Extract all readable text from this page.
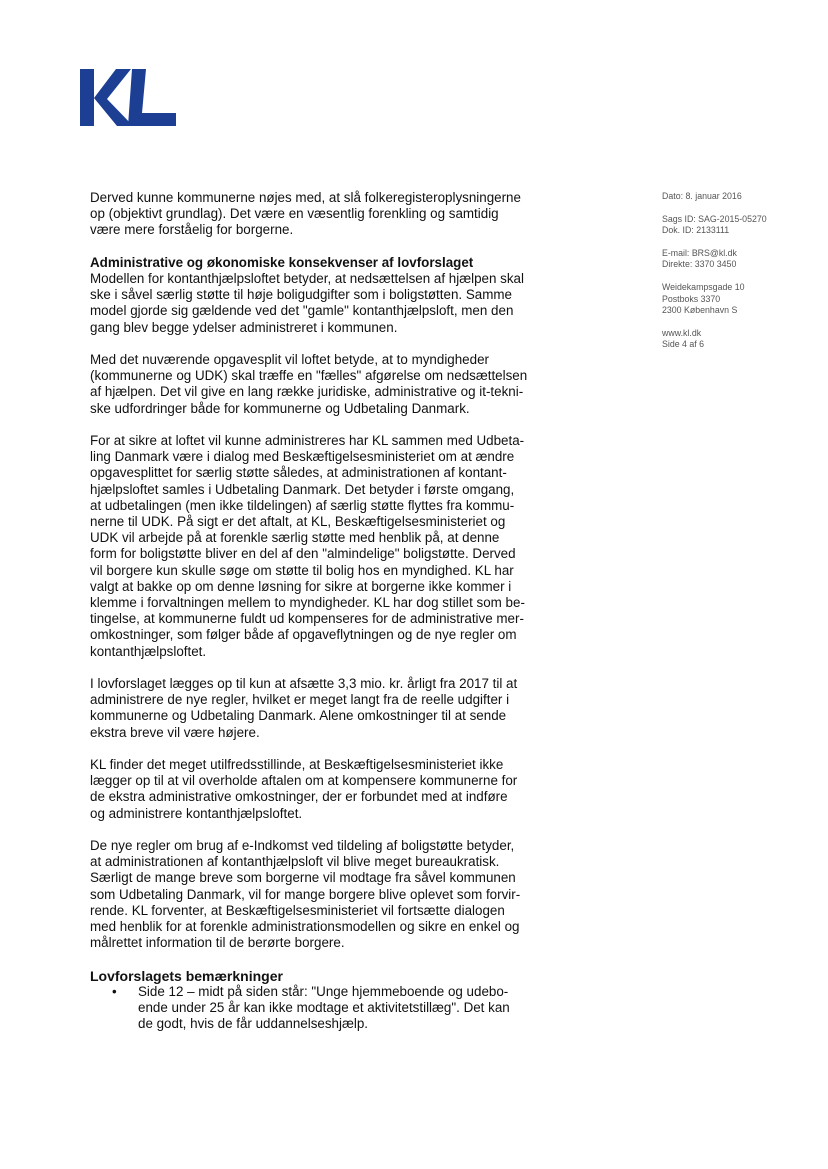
Dato: 8. januar 2016
Sags ID: SAG-2015-05270
Dok. ID: 2133111
E-mail: BRS@kl.dk
Direkte: 3370 3450
Weidekampsgade 10
Postboks 3370
2300 København S
www.kl.dk
Side 4 af 6

Derved kunne kommunerne nøjes med, at slå folkeregisteroplysningerne
op (objektivt grundlag). Det være en væsentlig forenkling og samtidig
være mere forståelig for borgerne.

Administrative og økonomiske konsekvenser af lovforslaget

Modellen for kontanthjælpsloftet betyder, at nedsættelsen af hjælpen skal
ske i såvel særlig støtte til høje boligudgifter som i boligstøtten. Samme
model gjorde sig gældende ved det "gamle" kontanthjælpsloft, men den
gang blev begge ydelser administreret i kommunen.

Med det nuværende opgavesplit vil loftet betyde, at to myndigheder
(kommunerne og UDK) skal træffe en "fælles" afgørelse om nedsættelsen
af hjælpen. Det vil give en lang række juridiske, administrative og it-tekni-
ske udfordringer både for kommunerne og Udbetaling Danmark.

For at sikre at loftet vil kunne administreres har KL sammen med Udbeta-
ling Danmark være i dialog med Beskæftigelsesministeriet om at ændre
opgavesplittet for særlig støtte således, at administrationen af kontant-
hjælpsloftet samles i Udbetaling Danmark. Det betyder i første omgang,
at udbetalingen (men ikke tildelingen) af særlig støtte flyttes fra kommu-
nerne til UDK. På sigt er det aftalt, at KL, Beskæftigelsesministeriet og
UDK vil arbejde på at forenkle særlig støtte med henblik på, at denne
form for boligstøtte bliver en del af den "almindelige" boligstøtte. Derved
vil borgere kun skulle søge om støtte til bolig hos en myndighed. KL har
valgt at bakke op om denne løsning for sikre at borgerne ikke kommer i
klemme i forvaltningen mellem to myndigheder. KL har dog stillet som be-
tingelse, at kommunerne fuldt ud kompenseres for de administrative mer-
omkostninger, som følger både af opgaveflytningen og de nye regler om
kontanthjælpsloftet.

I lovforslaget lægges op til kun at afsætte 3,3 mio. kr. årligt fra 2017 til at
administrere de nye regler, hvilket er meget langt fra de reelle udgifter i
kommunerne og Udbetaling Danmark. Alene omkostninger til at sende
ekstra breve vil være højere.

KL finder det meget utilfredsstillinde, at Beskæftigelsesministeriet ikke
lægger op til at vil overholde aftalen om at kompensere kommunerne for
de ekstra administrative omkostninger, der er forbundet med at indføre
og administrere kontanthjælpsloftet.

De nye regler om brug af e-Indkomst ved tildeling af boligstøtte betyder,
at administrationen af kontanthjælpsloft vil blive meget bureaukratisk.
Særligt de mange breve som borgerne vil modtage fra såvel kommunen
som Udbetaling Danmark, vil for mange borgere blive oplevet som forvir-
rende. KL forventer, at Beskæftigelsesministeriet vil fortsætte dialogen
med henblik for at forenkle administrationsmodellen og sikre en enkel og
målrettet information til de berørte borgere.

Lovforslagets bemærkninger
• Side 12 – midt på siden står: "Unge hjemmeboende og udebo-
ende under 25 år kan ikke modtage et aktivitetstillæg". Det kan
de godt, hvis de får uddannelseshjælp.
